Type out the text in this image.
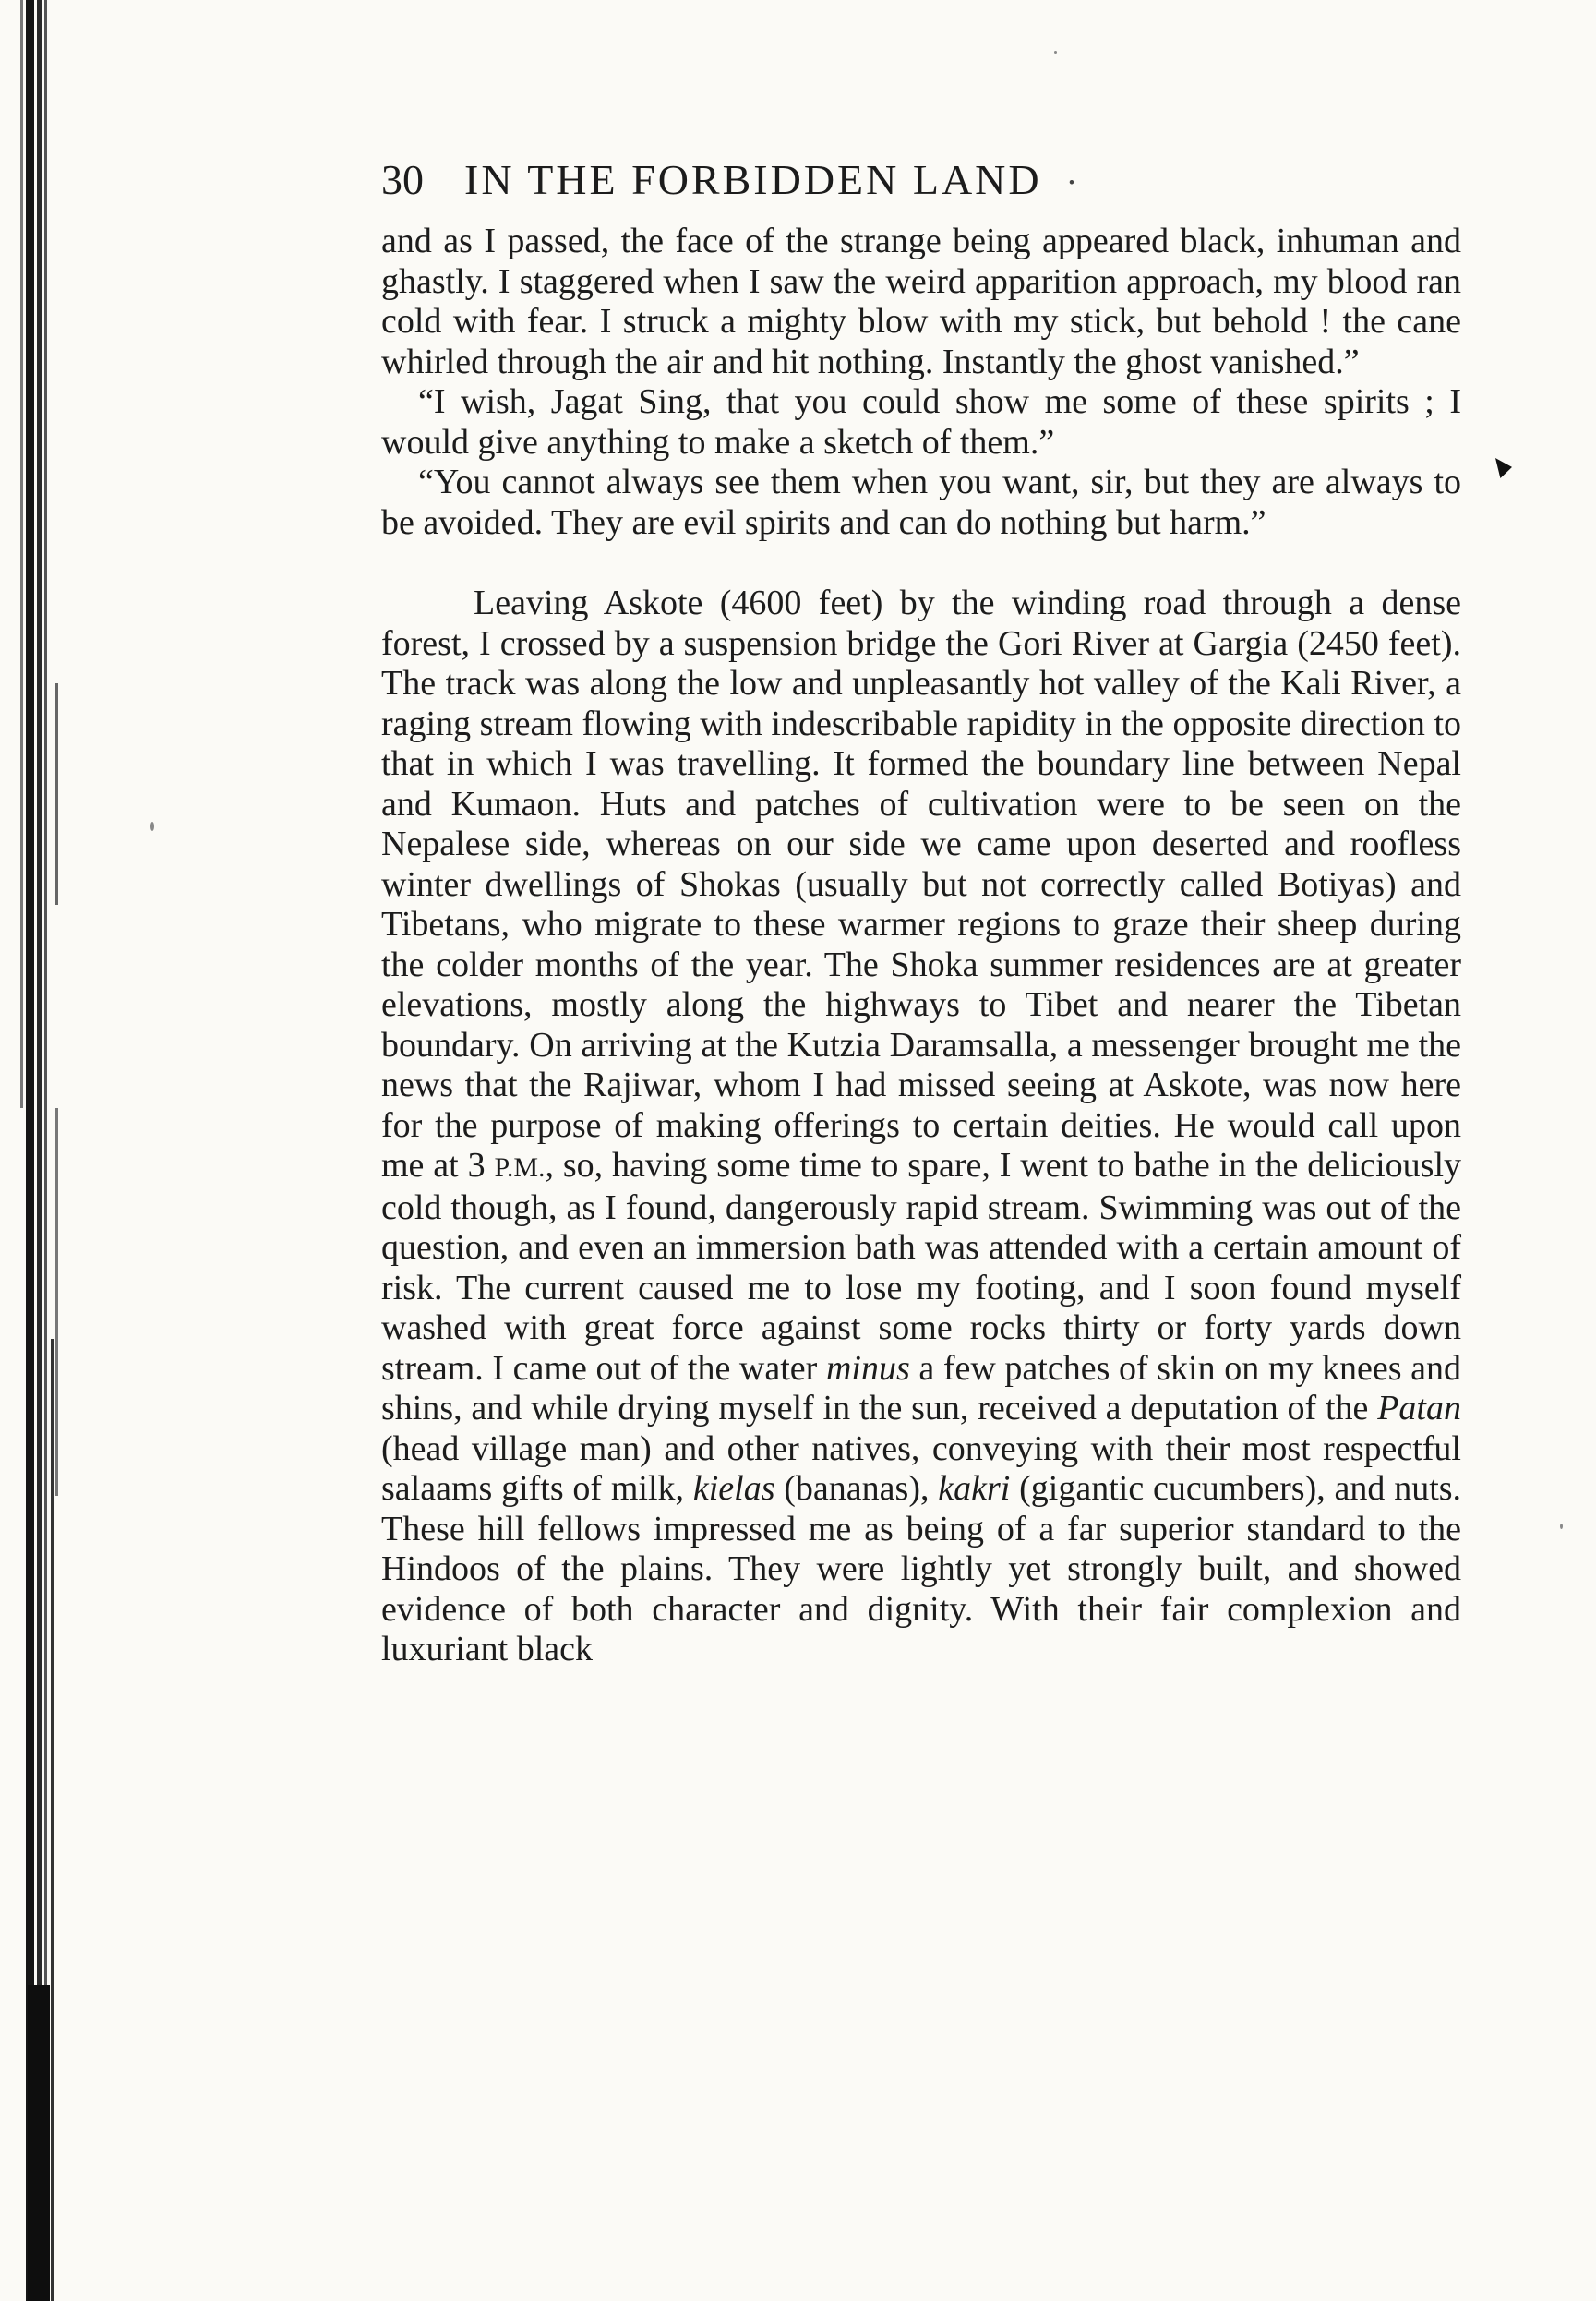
30 IN THE FORBIDDEN LAND ·

and as I passed, the face of the strange being appeared black, inhuman and ghastly. I staggered when I saw the weird apparition approach, my blood ran cold with fear. I struck a mighty blow with my stick, but behold ! the cane whirled through the air and hit nothing. Instantly the ghost vanished.”

“I wish, Jagat Sing, that you could show me some of these spirits ; I would give anything to make a sketch of them.”

“You cannot always see them when you want, sir, but they are always to be avoided. They are evil spirits and can do nothing but harm.”

Leaving Askote (4600 feet) by the winding road through a dense forest, I crossed by a suspension bridge the Gori River at Gargia (2450 feet). The track was along the low and unpleasantly hot valley of the Kali River, a raging stream flowing with indescribable rapidity in the opposite direction to that in which I was travelling. It formed the boundary line between Nepal and Kumaon. Huts and patches of cultivation were to be seen on the Nepalese side, whereas on our side we came upon deserted and roofless winter dwellings of Shokas (usually but not correctly called Botiyas) and Tibetans, who migrate to these warmer regions to graze their sheep during the colder months of the year. The Shoka summer residences are at greater elevations, mostly along the highways to Tibet and nearer the Tibetan boundary. On arriving at the Kutzia Daramsalla, a messenger brought me the news that the Rajiwar, whom I had missed seeing at Askote, was now here for the purpose of making offerings to certain deities. He would call upon me at 3 P.M., so, having some time to spare, I went to bathe in the deliciously cold though, as I found, dangerously rapid stream. Swimming was out of the question, and even an immersion bath was attended with a certain amount of risk. The current caused me to lose my footing, and I soon found myself washed with great force against some rocks thirty or forty yards down stream. I came out of the water minus a few patches of skin on my knees and shins, and while drying myself in the sun, received a deputation of the Patan (head village man) and other natives, conveying with their most respectful salaams gifts of milk, kielas (bananas), kakri (gigantic cucumbers), and nuts. These hill fellows impressed me as being of a far superior standard to the Hindoos of the plains. They were lightly yet strongly built, and showed evidence of both character and dignity. With their fair complexion and luxuriant black
